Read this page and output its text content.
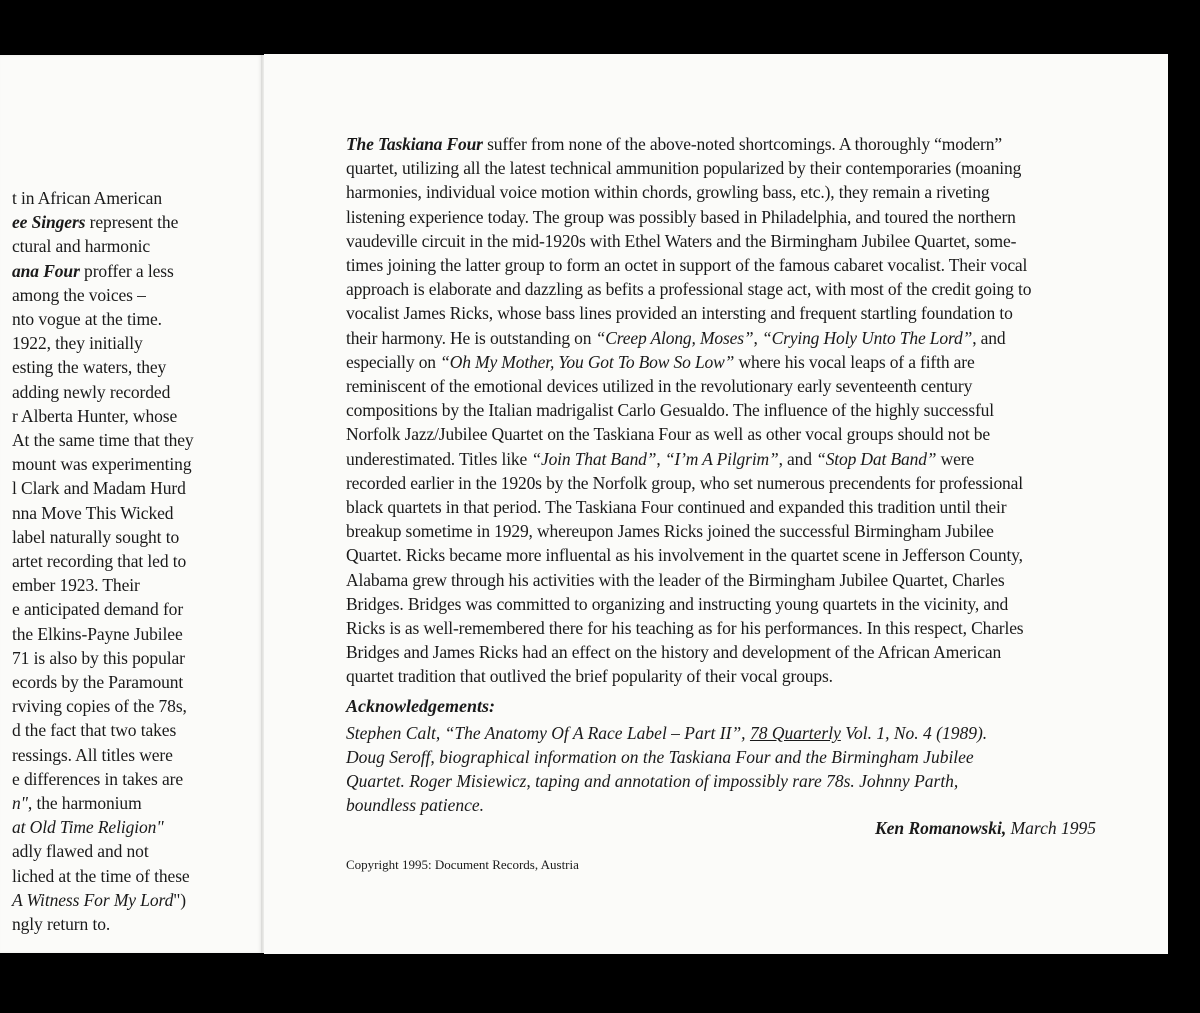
t in African American
ee Singers represent the
ctural and harmonic
ana Four proffer a less
among the voices –
nto vogue at the time.
1922, they initially
esting the waters, they
adding newly recorded
r Alberta Hunter, whose
At the same time that they
mount was experimenting
l Clark and Madam Hurd
nna Move This Wicked
label naturally sought to
artet recording that led to
ember 1923. Their
e anticipated demand for
the Elkins-Payne Jubilee
71 is also by this popular
ecords by the Paramount
rviving copies of the 78s,
d the fact that two takes
ressings. All titles were
e differences in takes are
n", the harmonium
at Old Time Religion"
adly flawed and not
liched at the time of these
A Witness For My Lord")
ngly return to.
The Taskiana Four suffer from none of the above-noted shortcomings. A thoroughly “modern”
quartet, utilizing all the latest technical ammunition popularized by their contemporaries (moaning
harmonies, individual voice motion within chords, growling bass, etc.), they remain a riveting
listening experience today. The group was possibly based in Philadelphia, and toured the northern
vaudeville circuit in the mid-1920s with Ethel Waters and the Birmingham Jubilee Quartet, some-
times joining the latter group to form an octet in support of the famous cabaret vocalist. Their vocal
approach is elaborate and dazzling as befits a professional stage act, with most of the credit going to
vocalist James Ricks, whose bass lines provided an intersting and frequent startling foundation to
their harmony. He is outstanding on “Creep Along, Moses”, “Crying Holy Unto The Lord”, and
especially on “Oh My Mother, You Got To Bow So Low” where his vocal leaps of a fifth are
reminiscent of the emotional devices utilized in the revolutionary early seventeenth century
compositions by the Italian madrigalist Carlo Gesualdo. The influence of the highly successful
Norfolk Jazz/Jubilee Quartet on the Taskiana Four as well as other vocal groups should not be
underestimated. Titles like “Join That Band”, “I’m A Pilgrim”, and “Stop Dat Band” were
recorded earlier in the 1920s by the Norfolk group, who set numerous precendents for professional
black quartets in that period. The Taskiana Four continued and expanded this tradition until their
breakup sometime in 1929, whereupon James Ricks joined the successful Birmingham Jubilee
Quartet. Ricks became more influental as his involvement in the quartet scene in Jefferson County,
Alabama grew through his activities with the leader of the Birmingham Jubilee Quartet, Charles
Bridges. Bridges was committed to organizing and instructing young quartets in the vicinity, and
Ricks is as well-remembered there for his teaching as for his performances. In this respect, Charles
Bridges and James Ricks had an effect on the history and development of the African American
quartet tradition that outlived the brief popularity of their vocal groups.
Acknowledgements:
Stephen Calt, “The Anatomy Of A Race Label – Part II”, 78 Quarterly Vol. 1, No. 4 (1989).
Doug Seroff, biographical information on the Taskiana Four and the Birmingham Jubilee
Quartet. Roger Misiewicz, taping and annotation of impossibly rare 78s. Johnny Parth,
boundless patience.
Ken Romanowski, March 1995
Copyright 1995: Document Records, Austria
